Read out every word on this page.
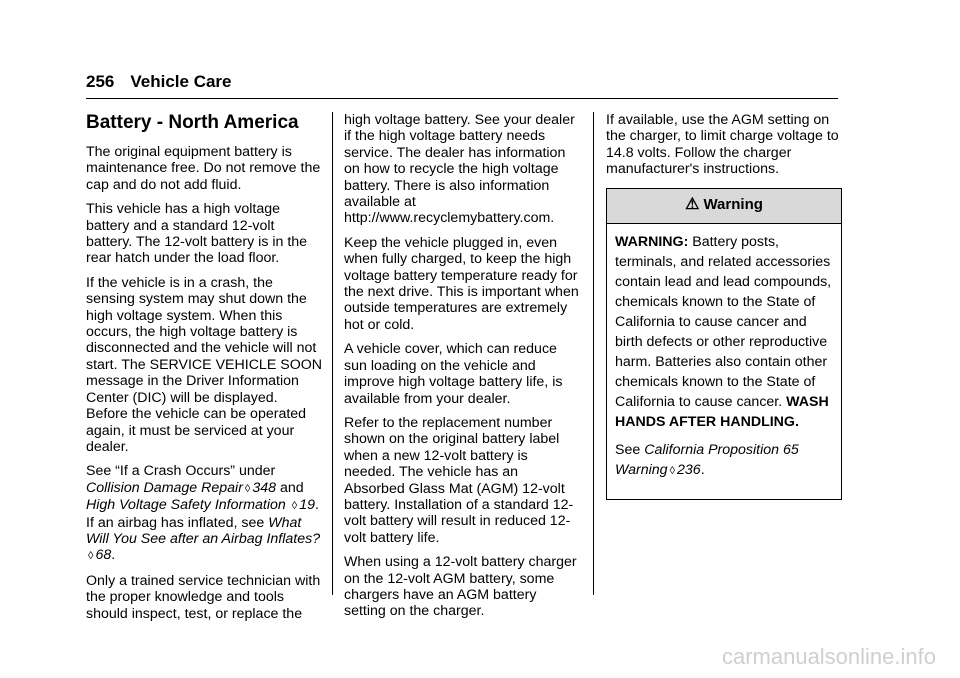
256 Vehicle Care
Battery - North America

The original equipment battery is maintenance free. Do not remove the cap and do not add fluid.

This vehicle has a high voltage battery and a standard 12-volt battery. The 12-volt battery is in the rear hatch under the load floor.

If the vehicle is in a crash, the sensing system may shut down the high voltage system. When this occurs, the high voltage battery is disconnected and the vehicle will not start. The SERVICE VEHICLE SOON message in the Driver Information Center (DIC) will be displayed. Before the vehicle can be operated again, it must be serviced at your dealer.

See “If a Crash Occurs” under Collision Damage Repair ◊ 348 and High Voltage Safety Information ◊ 19. If an airbag has inflated, see What Will You See after an Airbag Inflates?◊ 68.

Only a trained service technician with the proper knowledge and tools should inspect, test, or replace the

high voltage battery. See your dealer if the high voltage battery needs service. The dealer has information on how to recycle the high voltage battery. There is also information available at http://www.recyclemybattery.com.

Keep the vehicle plugged in, even when fully charged, to keep the high voltage battery temperature ready for the next drive. This is important when outside temperatures are extremely hot or cold.

A vehicle cover, which can reduce sun loading on the vehicle and improve high voltage battery life, is available from your dealer.

Refer to the replacement number shown on the original battery label when a new 12-volt battery is needed. The vehicle has an Absorbed Glass Mat (AGM) 12-volt battery. Installation of a standard 12-volt battery will result in reduced 12-volt battery life.

When using a 12-volt battery charger on the 12-volt AGM battery, some chargers have an AGM battery setting on the charger.

If available, use the AGM setting on the charger, to limit charge voltage to 14.8 volts. Follow the charger manufacturer's instructions.

⚠ Warning

WARNING: Battery posts, terminals, and related accessories contain lead and lead compounds, chemicals known to the State of California to cause cancer and birth defects or other reproductive harm. Batteries also contain other chemicals known to the State of California to cause cancer. WASH HANDS AFTER HANDLING.

See California Proposition 65 Warning ◊ 236.

carmanualsonline.info
